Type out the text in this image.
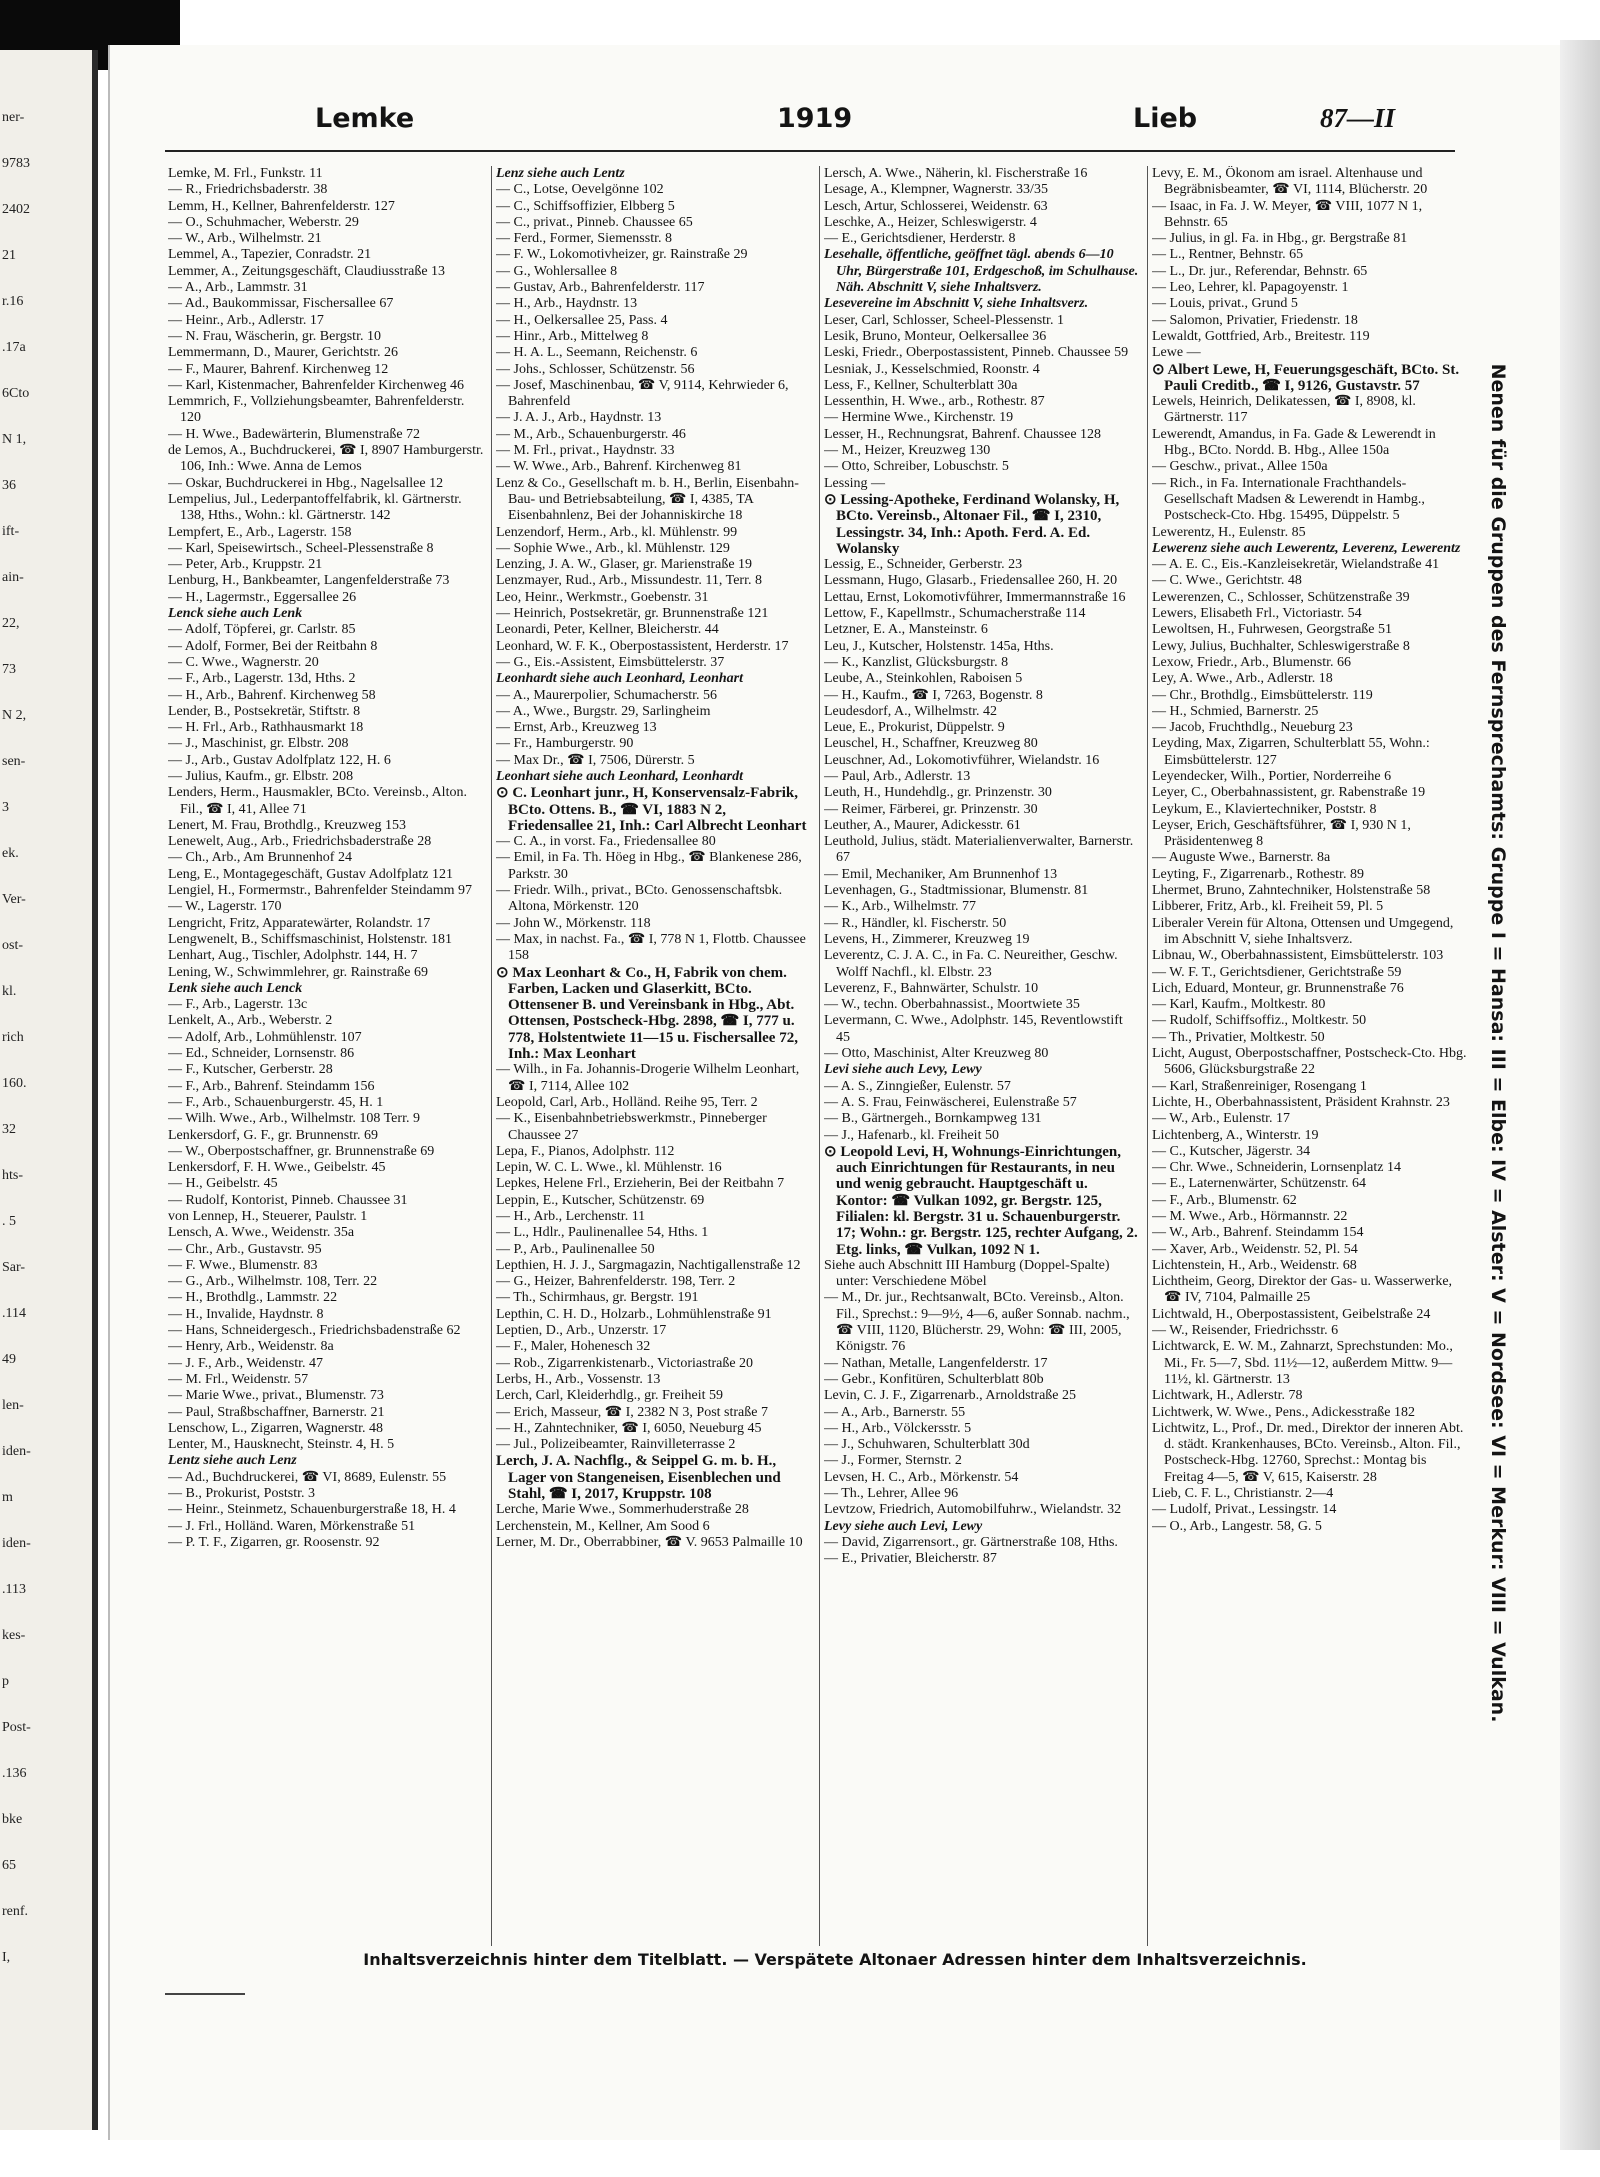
ner-
9783
2402
21
r.16
.17a
6Cto
N 1,
36
ift-
ain-
22,
73
N 2,
sen-
3
ek.
Ver-
ost-
kl.
rich
160.
32
hts-
. 5
Sar-
.114
49
len-
iden-
m
iden-
.113
kes-
p
Post-
.136
bke
65
renf.
I,
Lemke	1919	Lieb	87—II

Lemke, M. Frl., Funkstr. 11

— R., Friedrichsbaderstr. 38

Lemm, H., Kellner, Bahrenfelderstr. 127

— O., Schuhmacher, Weberstr. 29

— W., Arb., Wilhelmstr. 21

Lemmel, A., Tapezier, Conradstr. 21

Lemmer, A., Zeitungsgeschäft, Claudiusstraße 13

— A., Arb., Lammstr. 31

— Ad., Baukommissar, Fischersallee 67

— Heinr., Arb., Adlerstr. 17

— N. Frau, Wäscherin, gr. Bergstr. 10

Lemmermann, D., Maurer, Gerichtstr. 26

— F., Maurer, Bahrenf. Kirchenweg 12

— Karl, Kistenmacher, Bahrenfelder Kirchenweg 46

Lemmrich, F., Vollziehungsbeamter, Bahrenfelderstr. 120

— H. Wwe., Badewärterin, Blumenstraße 72

de Lemos, A., Buchdruckerei, ☎ I, 8907 Hamburgerstr. 106, Inh.: Wwe. Anna de Lemos

— Oskar, Buchdruckerei in Hbg., Nagelsallee 12

Lempelius, Jul., Lederpantoffelfabrik, kl. Gärtnerstr. 138, Hths., Wohn.: kl. Gärtnerstr. 142

Lempfert, E., Arb., Lagerstr. 158

— Karl, Speisewirtsch., Scheel-Plessenstraße 8

— Peter, Arb., Kruppstr. 21

Lenburg, H., Bankbeamter, Langenfelderstraße 73

— H., Lagermstr., Eggersallee 26

Lenck siehe auch Lenk

— Adolf, Töpferei, gr. Carlstr. 85

— Adolf, Former, Bei der Reitbahn 8

— C. Wwe., Wagnerstr. 20

— F., Arb., Lagerstr. 13d, Hths. 2

— H., Arb., Bahrenf. Kirchenweg 58

Lender, B., Postsekretär, Stiftstr. 8

— H. Frl., Arb., Rathhausmarkt 18

— J., Maschinist, gr. Elbstr. 208

— J., Arb., Gustav Adolfplatz 122, H. 6

— Julius, Kaufm., gr. Elbstr. 208

Lenders, Herm., Hausmakler, BCto. Vereinsb., Alton. Fil., ☎ I, 41, Allee 71

Lenert, M. Frau, Brothdlg., Kreuzweg 153

Lenewelt, Aug., Arb., Friedrichsbaderstraße 28

— Ch., Arb., Am Brunnenhof 24

Leng, E., Montagegeschäft, Gustav Adolfplatz 121

Lengiel, H., Formermstr., Bahrenfelder Steindamm 97

— W., Lagerstr. 170

Lengricht, Fritz, Apparatewärter, Rolandstr. 17

Lengwenelt, B., Schiffsmaschinist, Holstenstr. 181

Lenhart, Aug., Tischler, Adolphstr. 144, H. 7

Lening, W., Schwimmlehrer, gr. Rainstraße 69

Lenk siehe auch Lenck

— F., Arb., Lagerstr. 13c

Lenkelt, A., Arb., Weberstr. 2

— Adolf, Arb., Lohmühlenstr. 107

— Ed., Schneider, Lornsenstr. 86

— F., Kutscher, Gerberstr. 28

— F., Arb., Bahrenf. Steindamm 156

— F., Arb., Schauenburgerstr. 45, H. 1

— Wilh. Wwe., Arb., Wilhelmstr. 108 Terr. 9

Lenkersdorf, G. F., gr. Brunnenstr. 69

— W., Oberpostschaffner, gr. Brunnenstraße 69

Lenkersdorf, F. H. Wwe., Geibelstr. 45

— H., Geibelstr. 45

— Rudolf, Kontorist, Pinneb. Chaussee 31

von Lennep, H., Steuerer, Paulstr. 1

Lensch, A. Wwe., Weidenstr. 35a

— Chr., Arb., Gustavstr. 95

— F. Wwe., Blumenstr. 83

— G., Arb., Wilhelmstr. 108, Terr. 22

— H., Brothdlg., Lammstr. 22

— H., Invalide, Haydnstr. 8

— Hans, Schneidergesch., Friedrichsbadenstraße 62

— Henry, Arb., Weidenstr. 8a

— J. F., Arb., Weidenstr. 47

— M. Frl., Weidenstr. 57

— Marie Wwe., privat., Blumenstr. 73

— Paul, Straßbschaffner, Barnerstr. 21

Lenschow, L., Zigarren, Wagnerstr. 48

Lenter, M., Hausknecht, Steinstr. 4, H. 5

Lentz siehe auch Lenz

— Ad., Buchdruckerei, ☎ VI, 8689, Eulenstr. 55

— B., Prokurist, Poststr. 3

— Heinr., Steinmetz, Schauenburgerstraße 18, H. 4

— J. Frl., Holländ. Waren, Mörkenstraße 51

— P. T. F., Zigarren, gr. Roosenstr. 92

Lenz siehe auch Lentz

— C., Lotse, Oevelgönne 102

— C., Schiffsoffizier, Elbberg 5

— C., privat., Pinneb. Chaussee 65

— Ferd., Former, Siemensstr. 8

— F. W., Lokomotivheizer, gr. Rainstraße 29

— G., Wohlersallee 8

— Gustav, Arb., Bahrenfelderstr. 117

— H., Arb., Haydnstr. 13

— H., Oelkersallee 25, Pass. 4

— Hinr., Arb., Mittelweg 8

— H. A. L., Seemann, Reichenstr. 6

— Johs., Schlosser, Schützenstr. 56

— Josef, Maschinenbau, ☎ V, 9114, Kehrwieder 6, Bahrenfeld

— J. A. J., Arb., Haydnstr. 13

— M., Arb., Schauenburgerstr. 46

— M. Frl., privat., Haydnstr. 33

— W. Wwe., Arb., Bahrenf. Kirchenweg 81

Lenz & Co., Gesellschaft m. b. H., Berlin, Eisenbahn-Bau- und Betriebsabteilung, ☎ I, 4385, TA Eisenbahnlenz, Bei der Johanniskirche 18

Lenzendorf, Herm., Arb., kl. Mühlenstr. 99

— Sophie Wwe., Arb., kl. Mühlenstr. 129

Lenzing, J. A. W., Glaser, gr. Marienstraße 19

Lenzmayer, Rud., Arb., Missundestr. 11, Terr. 8

Leo, Heinr., Werkmstr., Goebenstr. 31

— Heinrich, Postsekretär, gr. Brunnenstraße 121

Leonardi, Peter, Kellner, Bleicherstr. 44

Leonhard, W. F. K., Oberpostassistent, Herderstr. 17

— G., Eis.-Assistent, Eimsbüttelerstr. 37

Leonhardt siehe auch Leonhard, Leonhart

— A., Maurerpolier, Schumacherstr. 56

— A., Wwe., Burgstr. 29, Sarlingheim

— Ernst, Arb., Kreuzweg 13

— Fr., Hamburgerstr. 90

— Max Dr., ☎ I, 7506, Dürerstr. 5

Leonhart siehe auch Leonhard, Leonhardt

⊙ C. Leonhart junr., H, Konservensalz-Fabrik, BCto. Ottens. B., ☎ VI, 1883 N 2, Friedensallee 21, Inh.: Carl Albrecht Leonhart

— C. A., in vorst. Fa., Friedensallee 80

— Emil, in Fa. Th. Höeg in Hbg., ☎ Blankenese 286, Parkstr. 30

— Friedr. Wilh., privat., BCto. Genossenschaftsbk. Altona, Mörkenstr. 120

— John W., Mörkenstr. 118

— Max, in nachst. Fa., ☎ I, 778 N 1, Flottb. Chaussee 158

⊙ Max Leonhart & Co., H, Fabrik von chem. Farben, Lacken und Glaserkitt, BCto. Ottensener B. und Vereinsbank in Hbg., Abt. Ottensen, Postscheck-Hbg. 2898, ☎ I, 777 u. 778, Holstentwiete 11—15 u. Fischersallee 72, Inh.: Max Leonhart

— Wilh., in Fa. Johannis-Drogerie Wilhelm Leonhart, ☎ I, 7114, Allee 102

Leopold, Carl, Arb., Holländ. Reihe 95, Terr. 2

— K., Eisenbahnbetriebswerkmstr., Pinneberger Chaussee 27

Lepa, F., Pianos, Adolphstr. 112

Lepin, W. C. L. Wwe., kl. Mühlenstr. 16

Lepkes, Helene Frl., Erzieherin, Bei der Reitbahn 7

Leppin, E., Kutscher, Schützenstr. 69

— H., Arb., Lerchenstr. 11

— L., Hdlr., Paulinenallee 54, Hths. 1

— P., Arb., Paulinenallee 50

Lepthien, H. J. J., Sargmagazin, Nachtigallenstraße 12

— G., Heizer, Bahrenfelderstr. 198, Terr. 2

— Th., Schirmhaus, gr. Bergstr. 191

Lepthin, C. H. D., Holzarb., Lohmühlenstraße 91

Leptien, D., Arb., Unzerstr. 17

— F., Maler, Hohenesch 32

— Rob., Zigarrenkistenarb., Victoriastraße 20

Lerbs, H., Arb., Vossenstr. 13

Lerch, Carl, Kleiderhdlg., gr. Freiheit 59

— Erich, Masseur, ☎ I, 2382 N 3, Post straße 7

— H., Zahntechniker, ☎ I, 6050, Neueburg 45

— Jul., Polizeibeamter, Rainvilleterrasse 2

Lerch, J. A. Nachflg., & Seippel G. m. b. H., Lager von Stangeneisen, Eisenblechen und Stahl, ☎ I, 2017, Kruppstr. 108

Lerche, Marie Wwe., Sommerhuderstraße 28

Lerchenstein, M., Kellner, Am Sood 6

Lerner, M. Dr., Oberrabbiner, ☎ V. 9653 Palmaille 10

Lersch, A. Wwe., Näherin, kl. Fischerstraße 16

Lesage, A., Klempner, Wagnerstr. 33/35

Lesch, Artur, Schlosserei, Weidenstr. 63

Leschke, A., Heizer, Schleswigerstr. 4

— E., Gerichtsdiener, Herderstr. 8

Lesehalle, öffentliche, geöffnet tägl. abends 6—10 Uhr, Bürgerstraße 101, Erdgeschoß, im Schulhause. Näh. Abschnitt V, siehe Inhaltsverz.

Lesevereine im Abschnitt V, siehe Inhaltsverz.

Leser, Carl, Schlosser, Scheel-Plessenstr. 1

Lesik, Bruno, Monteur, Oelkersallee 36

Leski, Friedr., Oberpostassistent, Pinneb. Chaussee 59

Lesniak, J., Kesselschmied, Roonstr. 4

Less, F., Kellner, Schulterblatt 30a

Lessenthin, H. Wwe., arb., Rothestr. 87

— Hermine Wwe., Kirchenstr. 19

Lesser, H., Rechnungsrat, Bahrenf. Chaussee 128

— M., Heizer, Kreuzweg 130

— Otto, Schreiber, Lobuschstr. 5

Lessing —

⊙ Lessing-Apotheke, Ferdinand Wolansky, H, BCto. Vereinsb., Altonaer Fil., ☎ I, 2310, Lessingstr. 34, Inh.: Apoth. Ferd. A. Ed. Wolansky

Lessig, E., Schneider, Gerberstr. 23

Lessmann, Hugo, Glasarb., Friedensallee 260, H. 20

Lettau, Ernst, Lokomotivführer, Immermannstraße 16

Lettow, F., Kapellmstr., Schumacherstraße 114

Letzner, E. A., Mansteinstr. 6

Leu, J., Kutscher, Holstenstr. 145a, Hths.

— K., Kanzlist, Glücksburgstr. 8

Leube, A., Steinkohlen, Raboisen 5

— H., Kaufm., ☎ I, 7263, Bogenstr. 8

Leudesdorf, A., Wilhelmstr. 42

Leue, E., Prokurist, Düppelstr. 9

Leuschel, H., Schaffner, Kreuzweg 80

Leuschner, Ad., Lokomotivführer, Wielandstr. 16

— Paul, Arb., Adlerstr. 13

Leuth, H., Hundehdlg., gr. Prinzenstr. 30

— Reimer, Färberei, gr. Prinzenstr. 30

Leuther, A., Maurer, Adickesstr. 61

Leuthold, Julius, städt. Materialienverwalter, Barnerstr. 67

— Emil, Mechaniker, Am Brunnenhof 13

Levenhagen, G., Stadtmissionar, Blumenstr. 81

— K., Arb., Wilhelmstr. 77

— R., Händler, kl. Fischerstr. 50

Levens, H., Zimmerer, Kreuzweg 19

Leverentz, C. J. A. C., in Fa. C. Neureither, Geschw. Wolff Nachfl., kl. Elbstr. 23

Leverenz, F., Bahnwärter, Schulstr. 10

— W., techn. Oberbahnassist., Moortwiete 35

Levermann, C. Wwe., Adolphstr. 145, Reventlowstift 45

— Otto, Maschinist, Alter Kreuzweg 80

Levi siehe auch Levy, Lewy

— A. S., Zinngießer, Eulenstr. 57

— A. S. Frau, Feinwäscherei, Eulenstraße 57

— B., Gärtnergeh., Bornkampweg 131

— J., Hafenarb., kl. Freiheit 50

⊙ Leopold Levi, H, Wohnungs-Einrichtungen, auch Einrichtungen für Restaurants, in neu und wenig gebraucht. Hauptgeschäft u. Kontor: ☎ Vulkan 1092, gr. Bergstr. 125, Filialen: kl. Bergstr. 31 u. Schauenburgerstr. 17; Wohn.: gr. Bergstr. 125, rechter Aufgang, 2. Etg. links, ☎ Vulkan, 1092 N 1.

Siehe auch Abschnitt III Hamburg (Doppel-Spalte) unter: Verschiedene Möbel

— M., Dr. jur., Rechtsanwalt, BCto. Vereinsb., Alton. Fil., Sprechst.: 9—9½, 4—6, außer Sonnab. nachm., ☎ VIII, 1120, Blücherstr. 29, Wohn: ☎ III, 2005, Königstr. 76

— Nathan, Metalle, Langenfelderstr. 17

— Gebr., Konfitüren, Schulterblatt 80b

Levin, C. J. F., Zigarrenarb., Arnoldstraße 25

— A., Arb., Barnerstr. 55

— H., Arb., Völckersstr. 5

— J., Schuhwaren, Schulterblatt 30d

— J., Former, Sternstr. 2

Levsen, H. C., Arb., Mörkenstr. 54

— Th., Lehrer, Allee 96

Levtzow, Friedrich, Automobilfuhrw., Wielandstr. 32

Levy siehe auch Levi, Lewy

— David, Zigarrensort., gr. Gärtnerstraße 108, Hths.

— E., Privatier, Bleicherstr. 87

Levy, E. M., Ökonom am israel. Altenhause und Begräbnisbeamter, ☎ VI, 1114, Blücherstr. 20

— Isaac, in Fa. J. W. Meyer, ☎ VIII, 1077 N 1, Behnstr. 65

— Julius, in gl. Fa. in Hbg., gr. Bergstraße 81

— L., Rentner, Behnstr. 65

— L., Dr. jur., Referendar, Behnstr. 65

— Leo, Lehrer, kl. Papagoyenstr. 1

— Louis, privat., Grund 5

— Salomon, Privatier, Friedenstr. 18

Lewaldt, Gottfried, Arb., Breitestr. 119

Lewe —

⊙ Albert Lewe, H, Feuerungsgeschäft, BCto. St. Pauli Creditb., ☎ I, 9126, Gustavstr. 57

Lewels, Heinrich, Delikatessen, ☎ I, 8908, kl. Gärtnerstr. 117

Lewerendt, Amandus, in Fa. Gade & Lewerendt in Hbg., BCto. Nordd. B. Hbg., Allee 150a

— Geschw., privat., Allee 150a

— Rich., in Fa. Internationale Frachthandels-Gesellschaft Madsen & Lewerendt in Hambg., Postscheck-Cto. Hbg. 15495, Düppelstr. 5

Lewerentz, H., Eulenstr. 85

Lewerenz siehe auch Lewerentz, Leverenz, Lewerentz

— A. E. C., Eis.-Kanzleisekretär, Wielandstraße 41

— C. Wwe., Gerichtstr. 48

Lewerenzen, C., Schlosser, Schützenstraße 39

Lewers, Elisabeth Frl., Victoriastr. 54

Lewoltsen, H., Fuhrwesen, Georgstraße 51

Lewy, Julius, Buchhalter, Schleswigerstraße 8

Lexow, Friedr., Arb., Blumenstr. 66

Ley, A. Wwe., Arb., Adlerstr. 18

— Chr., Brothdlg., Eimsbüttelerstr. 119

— H., Schmied, Barnerstr. 25

— Jacob, Fruchthdlg., Neueburg 23

Leyding, Max, Zigarren, Schulterblatt 55, Wohn.: Eimsbüttelerstr. 127

Leyendecker, Wilh., Portier, Norderreihe 6

Leyer, C., Oberbahnassistent, gr. Rabenstraße 19

Leykum, E., Klaviertechniker, Poststr. 8

Leyser, Erich, Geschäftsführer, ☎ I, 930 N 1, Präsidentenweg 8

— Auguste Wwe., Barnerstr. 8a

Leyting, F., Zigarrenarb., Rothestr. 89

Lhermet, Bruno, Zahntechniker, Holstenstraße 58

Libberer, Fritz, Arb., kl. Freiheit 59, Pl. 5

Liberaler Verein für Altona, Ottensen und Umgegend, im Abschnitt V, siehe Inhaltsverz.

Libnau, W., Oberbahnassistent, Eimsbüttelerstr. 103

— W. F. T., Gerichtsdiener, Gerichtstraße 59

Lich, Eduard, Monteur, gr. Brunnenstraße 76

— Karl, Kaufm., Moltkestr. 80

— Rudolf, Schiffsoffiz., Moltkestr. 50

— Th., Privatier, Moltkestr. 50

Licht, August, Oberpostschaffner, Postscheck-Cto. Hbg. 5606, Glücksburgstraße 22

— Karl, Straßenreiniger, Rosengang 1

Lichte, H., Oberbahnassistent, Präsident Krahnstr. 23

— W., Arb., Eulenstr. 17

Lichtenberg, A., Winterstr. 19

— C., Kutscher, Jägerstr. 34

— Chr. Wwe., Schneiderin, Lornsenplatz 14

— E., Laternenwärter, Schützenstr. 64

— F., Arb., Blumenstr. 62

— M. Wwe., Arb., Hörmannstr. 22

— W., Arb., Bahrenf. Steindamm 154

— Xaver, Arb., Weidenstr. 52, Pl. 54

Lichtenstein, H., Arb., Weidenstr. 68

Lichtheim, Georg, Direktor der Gas- u. Wasserwerke, ☎ IV, 7104, Palmaille 25

Lichtwald, H., Oberpostassistent, Geibelstraße 24

— W., Reisender, Friedrichsstr. 6

Lichtwarck, E. W. M., Zahnarzt, Sprechstunden: Mo., Mi., Fr. 5—7, Sbd. 11½—12, außerdem Mittw. 9—11½, kl. Gärtnerstr. 13

Lichtwark, H., Adlerstr. 78

Lichtwerk, W. Wwe., Pens., Adickesstraße 182

Lichtwitz, L., Prof., Dr. med., Direktor der inneren Abt. d. städt. Krankenhauses, BCto. Vereinsb., Alton. Fil., Postscheck-Hbg. 12760, Sprechst.: Montag bis Freitag 4—5, ☎ V, 615, Kaiserstr. 28

Lieb, C. F. L., Christianstr. 2—4

— Ludolf, Privat., Lessingstr. 14

— O., Arb., Langestr. 58, G. 5	Nenen für die Gruppen des Fernsprechamts: Gruppe I = Hansa: III = Elbe: IV = Alster: V = Nordsee: VI = Merkur: VIII = Vulkan.
Inhaltsverzeichnis hinter dem Titelblatt. — Verspätete Altonaer Adressen hinter dem Inhaltsverzeichnis.
